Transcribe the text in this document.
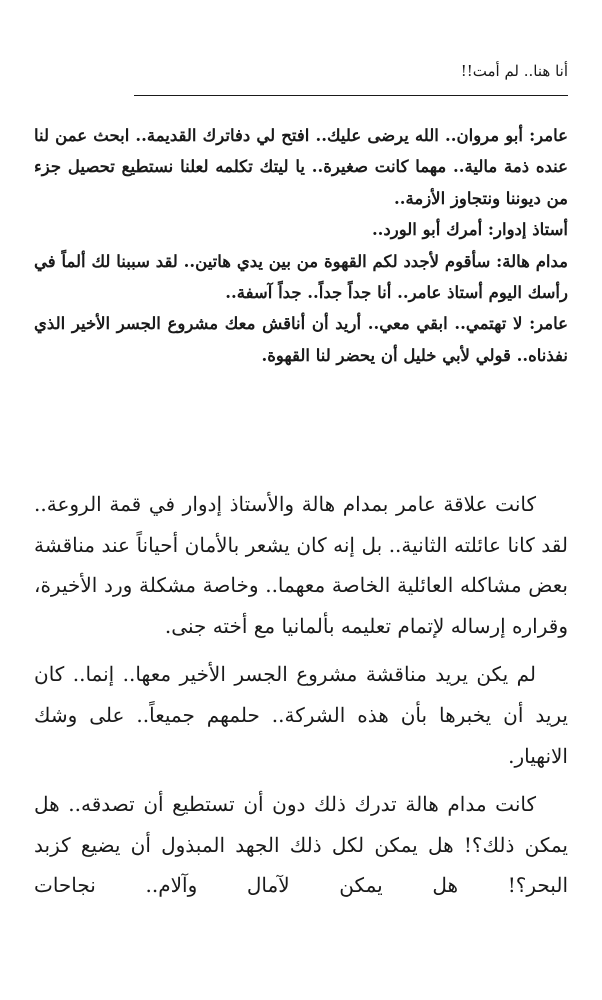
أنا هنا.. لم أمت!!

عامر: أبو مروان.. الله يرضى عليك.. افتح لي دفاترك القديمة.. ابحث عمن لنا عنده ذمة مالية.. مهما كانت صغيرة.. يا ليتك تكلمه لعلنا نستطيع تحصيل جزء من ديوننا ونتجاوز الأزمة..

أستاذ إدوار: أمرك أبو الورد..

مدام هالة: سأقوم لأجدد لكم القهوة من بين يدي هاتين.. لقد سببنا لك ألماً في رأسك اليوم أستاذ عامر.. أنا جداً جداً.. جداً آسفة..

عامر: لا تهتمي.. ابقي معي.. أريد أن أناقش معك مشروع الجسر الأخير الذي نفذناه.. قولي لأبي خليل أن يحضر لنا القهوة.

كانت علاقة عامر بمدام هالة والأستاذ إدوار في قمة الروعة.. لقد كانا عائلته الثانية.. بل إنه كان يشعر بالأمان أحياناً عند مناقشة بعض مشاكله العائلية الخاصة معهما.. وخاصة مشكلة ورد الأخيرة، وقراره إرساله لإتمام تعليمه بألمانيا مع أخته جنى.

لم يكن يريد مناقشة مشروع الجسر الأخير معها.. إنما.. كان يريد أن يخبرها بأن هذه الشركة.. حلمهم جميعاً.. على وشك الانهيار.

كانت مدام هالة تدرك ذلك دون أن تستطيع أن تصدقه.. هل يمكن ذلك؟! هل يمكن لكل ذلك الجهد المبذول أن يضيع كزبد البحر؟! هل يمكن لآمال وآلام.. نجاحات
